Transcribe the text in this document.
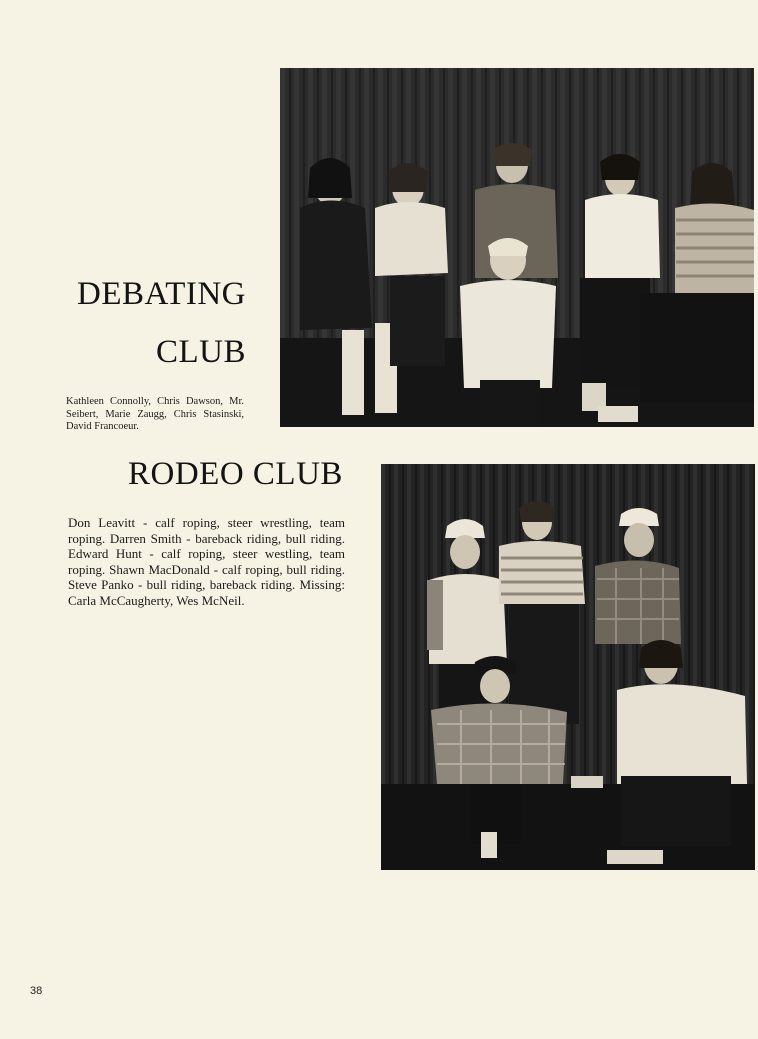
DEBATING
CLUB

Kathleen Connolly, Chris Dawson, Mr. Seibert, Marie Zaugg, Chris Stasinski, David Francoeur.

RODEO CLUB

Don Leavitt - calf roping, steer wrestling, team roping. Darren Smith - bareback riding, bull riding. Edward Hunt - calf roping, steer westling, team roping. Shawn MacDonald - calf roping, bull riding. Steve Panko - bull riding, bareback riding. Missing: Carla McCaugherty, Wes McNeil.

38
